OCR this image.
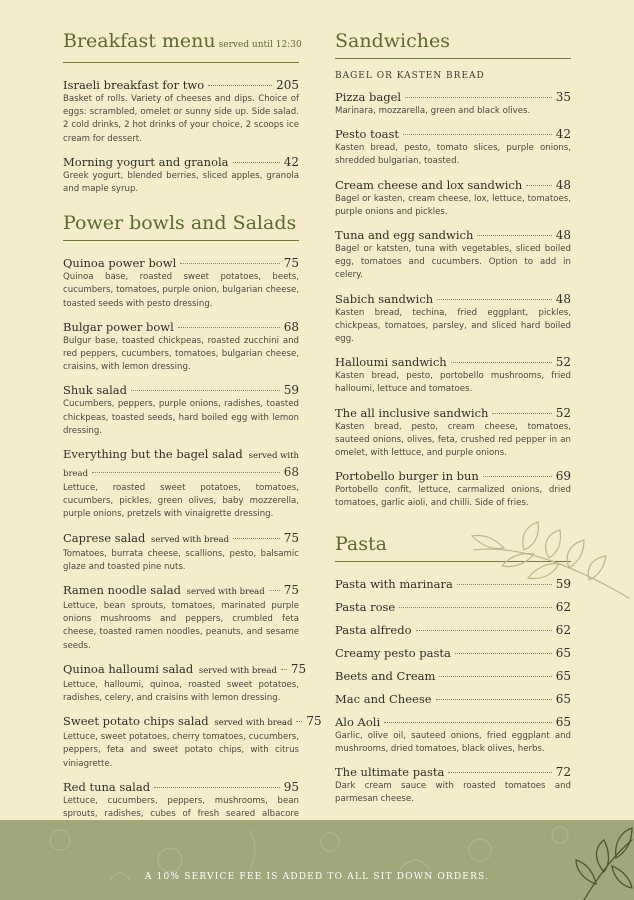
Breakfast menu served until 12:30
Israeli breakfast for two	205
Basket of rolls. Variety of cheeses and dips. Choice of eggs: scrambled, omelet or sunny side up. Side salad. 2 cold drinks, 2 hot drinks of your choice, 2 scoops ice cream for dessert.
Morning yogurt and granola	42
Greek yogurt, blended berries, sliced apples, granola and maple syrup.
Power bowls and Salads
Quinoa power bowl	75
Quinoa base, roasted sweet potatoes, beets, cucumbers, tomatoes, purple onion, bulgarian cheese, toasted seeds with pesto dressing.
Bulgar power bowl	68
Bulgur base, toasted chickpeas, roasted zucchini and red peppers, cucumbers, tomatoes, bulgarian cheese, craisins, with lemon dressing.
Shuk salad	59
Cucumbers, peppers, purple onions, radishes, toasted chickpeas, toasted seeds, hard boiled egg with lemon dressing.
Everything but the bagel salad served with
bread	68
Lettuce, roasted sweet potatoes, tomatoes, cucumbers, pickles, green olives, baby mozzerella, purple onions, pretzels with vinaigrette dressing.
Caprese salad served with bread	75
Tomatoes, burrata cheese, scallions, pesto, balsamic glaze and toasted pine nuts.
Ramen noodle salad served with bread 75
Lettuce, bean sprouts, tomatoes, marinated purple onions mushrooms and peppers, crumbled feta cheese, toasted ramen noodles, peanuts, and sesame seeds.
Quinoa halloumi salad served with bread 75
Lettuce, halloumi, quinoa, roasted sweet potatoes, radishes, celery, and craisins with lemon dressing.
Sweet potato chips salad served with bread 75
Lettuce, sweet potatoes, cherry tomatoes, cucumbers, peppers, feta and sweet potato chips, with citrus viniagrette.
Red tuna salad	95
Lettuce, cucumbers, peppers, mushrooms, bean sprouts, radishes, cubes of fresh seared albacore
Sandwiches
BAGEL OR KASTEN BREAD
Pizza bagel	35
Marinara, mozzarella, green and black olives.
Pesto toast	42
Kasten bread, pesto, tomato slices, purple onions, shredded bulgarian, toasted.
Cream cheese and lox sandwich	48
Bagel or kasten, cream cheese, lox, lettuce, tomatoes, purple onions and pickles.
Tuna and egg sandwich	48
Bagel or katsten, tuna with vegetables, sliced boiled egg, tomatoes and cucumbers. Option to add in celery.
Sabich sandwich	48
Kasten bread, techina, fried eggplant, pickles, chickpeas, tomatoes, parsley, and sliced hard boiled egg.
Halloumi sandwich	52
Kasten bread, pesto, portobello mushrooms, fried halloumi, lettuce and tomatoes.
The all inclusive sandwich	52
Kasten bread, pesto, cream cheese, tomatoes, sauteed onions, olives, feta, crushed red pepper in an omelet, with lettuce, and purple onions.
Portobello burger in bun	69
Portobello confit, lettuce, carmalized onions, dried tomatoes, garlic aioli, and chilli. Side of fries.
Pasta
Pasta with marinara	59
Pasta rose	62
Pasta alfredo	62
Creamy pesto pasta	65
Beets and Cream	65
Mac and Cheese	65
Alo Aoli	65
Garlic, olive oil, sauteed onions, fried eggplant and mushrooms, dried tomatoes, black olives, herbs.
The ultimate pasta	72
Dark cream sauce with roasted tomatoes and parmesan cheese.
A 10% SERVICE FEE IS ADDED TO ALL SIT DOWN ORDERS.
